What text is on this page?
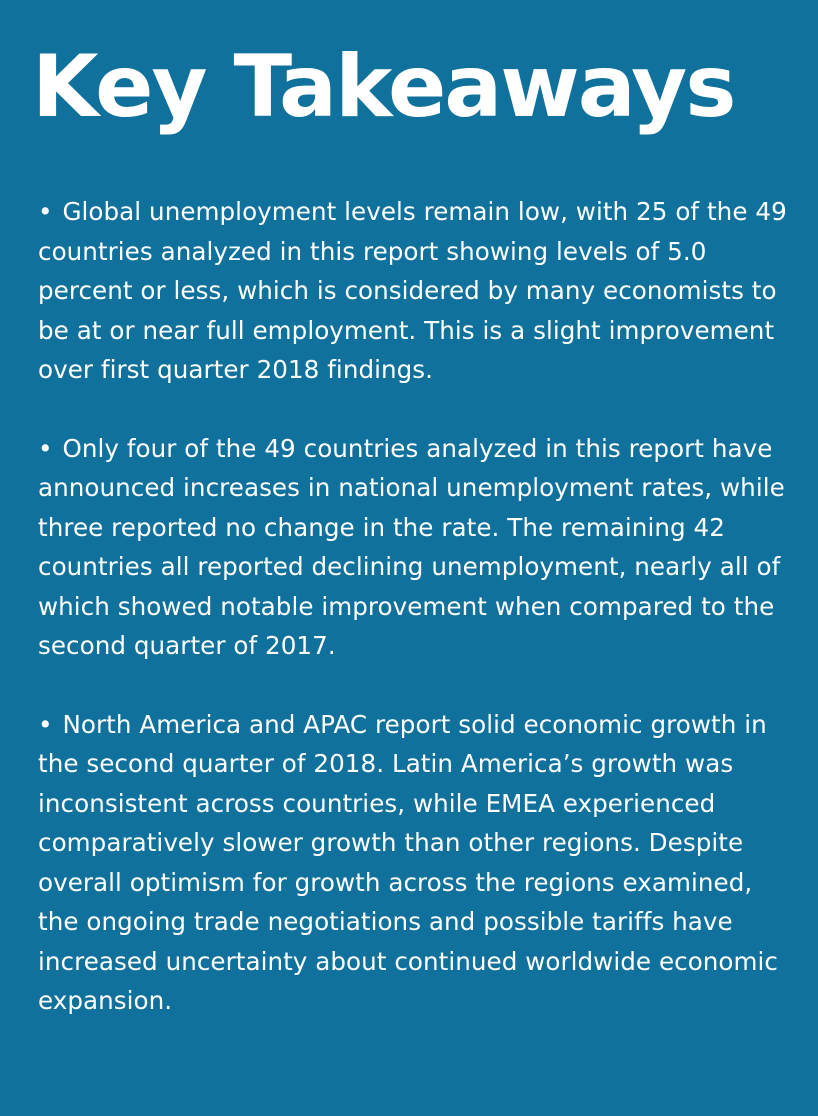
Key Takeaways
• Global unemployment levels remain low, with 25 of the 49 countries analyzed in this report showing levels of 5.0 percent or less, which is considered by many economists to be at or near full employment. This is a slight improvement over first quarter 2018 findings.
• Only four of the 49 countries analyzed in this report have announced increases in national unemployment rates, while three reported no change in the rate. The remaining 42 countries all reported declining unemployment, nearly all of which showed notable improvement when compared to the second quarter of 2017.
• North America and APAC report solid economic growth in the second quarter of 2018. Latin America’s growth was inconsistent across countries, while EMEA experienced comparatively slower growth than other regions. Despite overall optimism for growth across the regions examined, the ongoing trade negotiations and possible tariffs have increased uncertainty about continued worldwide economic expansion.
